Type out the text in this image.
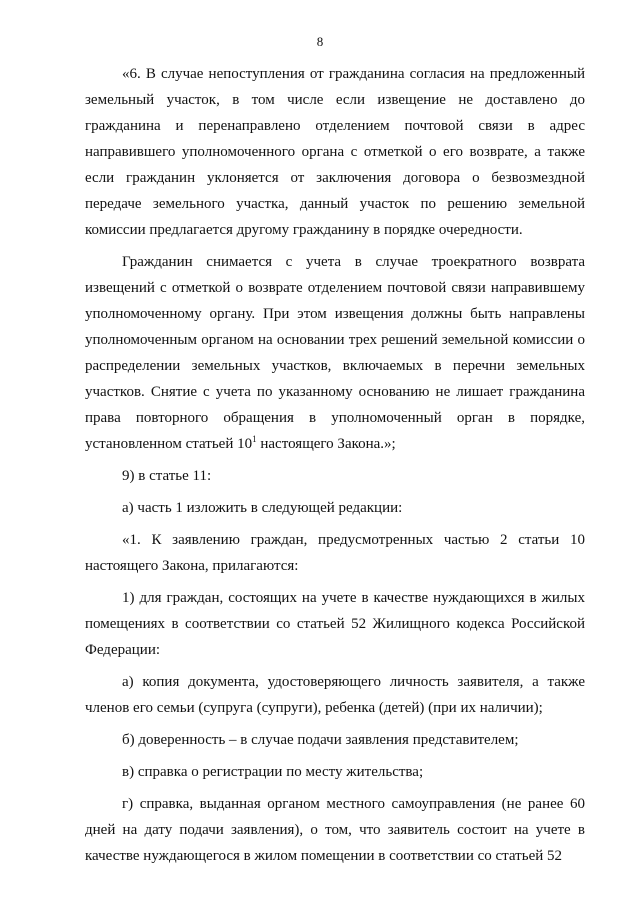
8

«6. В случае непоступления от гражданина согласия на предложенный земельный участок, в том числе если извещение не доставлено до гражданина и перенаправлено отделением почтовой связи в адрес направившего уполномоченного органа с отметкой о его возврате, а также если гражданин уклоняется от заключения договора о безвозмездной передаче земельного участка, данный участок по решению земельной комиссии предлагается другому гражданину в порядке очередности.

Гражданин снимается с учета в случае троекратного возврата извещений с отметкой о возврате отделением почтовой связи направившему уполномоченному органу. При этом извещения должны быть направлены уполномоченным органом на основании трех решений земельной комиссии о распределении земельных участков, включаемых в перечни земельных участков. Снятие с учета по указанному основанию не лишает гражданина права повторного обращения в уполномоченный орган в порядке, установленном статьей $10^1$ настоящего Закона.»;

9) в статье 11:

а) часть 1 изложить в следующей редакции:

«1. К заявлению граждан, предусмотренных частью 2 статьи 10 настоящего Закона, прилагаются:

1) для граждан, состоящих на учете в качестве нуждающихся в жилых помещениях в соответствии со статьей 52 Жилищного кодекса Российской Федерации:

а) копия документа, удостоверяющего личность заявителя, а также членов его семьи (супруга (супруги), ребенка (детей) (при их наличии);

б) доверенность – в случае подачи заявления представителем;

в) справка о регистрации по месту жительства;

г) справка, выданная органом местного самоуправления (не ранее 60 дней на дату подачи заявления), о том, что заявитель состоит на учете в качестве нуждающегося в жилом помещении в соответствии со статьей 52
